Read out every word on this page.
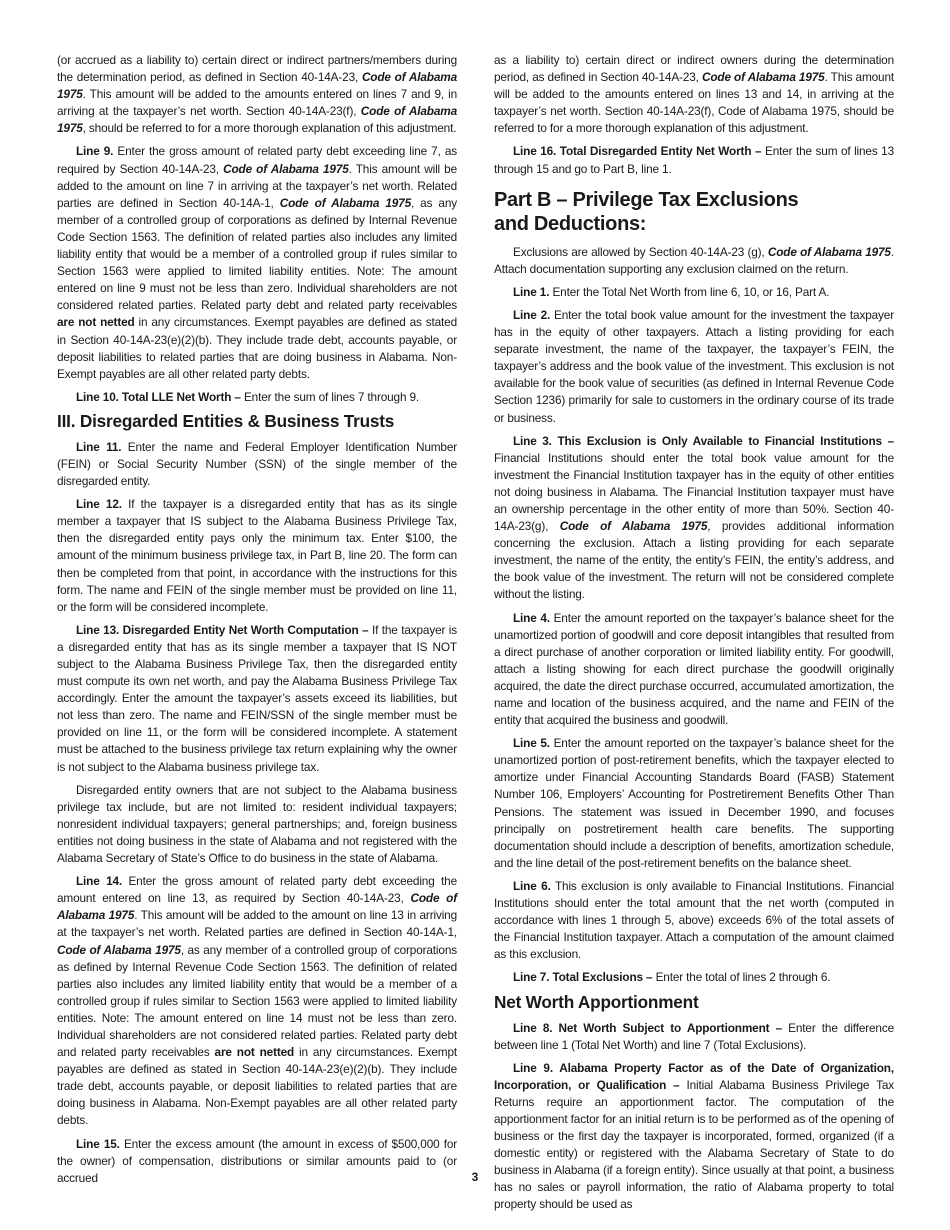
(or accrued as a liability to) certain direct or indirect partners/members during the determination period, as defined in Section 40-14A-23, Code of Alabama 1975. This amount will be added to the amounts entered on lines 7 and 9, in arriving at the taxpayer’s net worth. Section 40-14A-23(f), Code of Alabama 1975, should be referred to for a more thorough explanation of this adjustment.

Line 9. Enter the gross amount of related party debt exceeding line 7, as required by Section 40-14A-23, Code of Alabama 1975. This amount will be added to the amount on line 7 in arriving at the taxpayer’s net worth. Related parties are defined in Section 40-14A-1, Code of Alabama 1975, as any member of a controlled group of corporations as defined by Internal Revenue Code Section 1563. The definition of related parties also includes any limited liability entity that would be a member of a controlled group if rules similar to Section 1563 were applied to limited liability entities. Note: The amount entered on line 9 must not be less than zero. Individual shareholders are not considered related parties. Related party debt and related party receivables are not netted in any circumstances. Exempt payables are defined as stated in Section 40-14A-23(e)(2)(b). They include trade debt, accounts payable, or deposit liabilities to related parties that are doing business in Alabama. Non-Exempt payables are all other related party debts.

Line 10. Total LLE Net Worth – Enter the sum of lines 7 through 9.

III. Disregarded Entities & Business Trusts

Line 11. Enter the name and Federal Employer Identification Number (FEIN) or Social Security Number (SSN) of the single member of the disregarded entity.

Line 12. If the taxpayer is a disregarded entity that has as its single member a taxpayer that IS subject to the Alabama Business Privilege Tax, then the disregarded entity pays only the minimum tax. Enter $100, the amount of the minimum business privilege tax, in Part B, line 20. The form can then be completed from that point, in accordance with the instructions for this form. The name and FEIN of the single member must be provided on line 11, or the form will be considered incomplete.

Line 13. Disregarded Entity Net Worth Computation – If the taxpayer is a disregarded entity that has as its single member a taxpayer that IS NOT subject to the Alabama Business Privilege Tax, then the disregarded entity must compute its own net worth, and pay the Alabama Business Privilege Tax accordingly. Enter the amount the taxpayer’s assets exceed its liabilities, but not less than zero. The name and FEIN/SSN of the single member must be provided on line 11, or the form will be considered incomplete. A statement must be attached to the business privilege tax return explaining why the owner is not subject to the Alabama business privilege tax.

Disregarded entity owners that are not subject to the Alabama business privilege tax include, but are not limited to: resident individual taxpayers; nonresident individual taxpayers; general partnerships; and, foreign business entities not doing business in the state of Alabama and not registered with the Alabama Secretary of State’s Office to do business in the state of Alabama.

Line 14. Enter the gross amount of related party debt exceeding the amount entered on line 13, as required by Section 40-14A-23, Code of Alabama 1975. This amount will be added to the amount on line 13 in arriving at the taxpayer’s net worth. Related parties are defined in Section 40-14A-1, Code of Alabama 1975, as any member of a controlled group of corporations as defined by Internal Revenue Code Section 1563. The definition of related parties also includes any limited liability entity that would be a member of a controlled group if rules similar to Section 1563 were applied to limited liability entities. Note: The amount entered on line 14 must not be less than zero. Individual shareholders are not considered related parties. Related party debt and related party receivables are not netted in any circumstances. Exempt payables are defined as stated in Section 40-14A-23(e)(2)(b). They include trade debt, accounts payable, or deposit liabilities to related parties that are doing business in Alabama. Non-Exempt payables are all other related party debts.

Line 15. Enter the excess amount (the amount in excess of $500,000 for the owner) of compensation, distributions or similar amounts paid to (or accrued

as a liability to) certain direct or indirect owners during the determination period, as defined in Section 40-14A-23, Code of Alabama 1975. This amount will be added to the amounts entered on lines 13 and 14, in arriving at the taxpayer’s net worth. Section 40-14A-23(f), Code of Alabama 1975, should be referred to for a more thorough explanation of this adjustment.

Line 16. Total Disregarded Entity Net Worth – Enter the sum of lines 13 through 15 and go to Part B, line 1.

Part B – Privilege Tax Exclusions
and Deductions:

Exclusions are allowed by Section 40-14A-23 (g), Code of Alabama 1975. Attach documentation supporting any exclusion claimed on the return.

Line 1. Enter the Total Net Worth from line 6, 10, or 16, Part A.

Line 2. Enter the total book value amount for the investment the taxpayer has in the equity of other taxpayers. Attach a listing providing for each separate investment, the name of the taxpayer, the taxpayer’s FEIN, the taxpayer’s address and the book value of the investment. This exclusion is not available for the book value of securities (as defined in Internal Revenue Code Section 1236) primarily for sale to customers in the ordinary course of its trade or business.

Line 3. This Exclusion is Only Available to Financial Institutions – Financial Institutions should enter the total book value amount for the investment the Financial Institution taxpayer has in the equity of other entities not doing business in Alabama. The Financial Institution taxpayer must have an ownership percentage in the other entity of more than 50%. Section 40-14A-23(g), Code of Alabama 1975, provides additional information concerning the exclusion. Attach a listing providing for each separate investment, the name of the entity, the entity’s FEIN, the entity’s address, and the book value of the investment. The return will not be considered complete without the listing.

Line 4. Enter the amount reported on the taxpayer’s balance sheet for the unamortized portion of goodwill and core deposit intangibles that resulted from a direct purchase of another corporation or limited liability entity. For goodwill, attach a listing showing for each direct purchase the goodwill originally acquired, the date the direct purchase occurred, accumulated amortization, the name and location of the business acquired, and the name and FEIN of the entity that acquired the business and goodwill.

Line 5. Enter the amount reported on the taxpayer’s balance sheet for the unamortized portion of post-retirement benefits, which the taxpayer elected to amortize under Financial Accounting Standards Board (FASB) Statement Number 106, Employers’ Accounting for Postretirement Benefits Other Than Pensions. The statement was issued in December 1990, and focuses principally on postretirement health care benefits. The supporting documentation should include a description of benefits, amortization schedule, and the line detail of the post-retirement benefits on the balance sheet.

Line 6. This exclusion is only available to Financial Institutions. Financial Institutions should enter the total amount that the net worth (computed in accordance with lines 1 through 5, above) exceeds 6% of the total assets of the Financial Institution taxpayer. Attach a computation of the amount claimed as this exclusion.

Line 7. Total Exclusions – Enter the total of lines 2 through 6.

Net Worth Apportionment

Line 8. Net Worth Subject to Apportionment – Enter the difference between line 1 (Total Net Worth) and line 7 (Total Exclusions).

Line 9. Alabama Property Factor as of the Date of Organization, Incorporation, or Qualification – Initial Alabama Business Privilege Tax Returns require an apportionment factor. The computation of the apportionment factor for an initial return is to be performed as of the opening of business or the first day the taxpayer is incorporated, formed, organized (if a domestic entity) or registered with the Alabama Secretary of State to do business in Alabama (if a foreign entity). Since usually at that point, a business has no sales or payroll information, the ratio of Alabama property to total property should be used as

3
